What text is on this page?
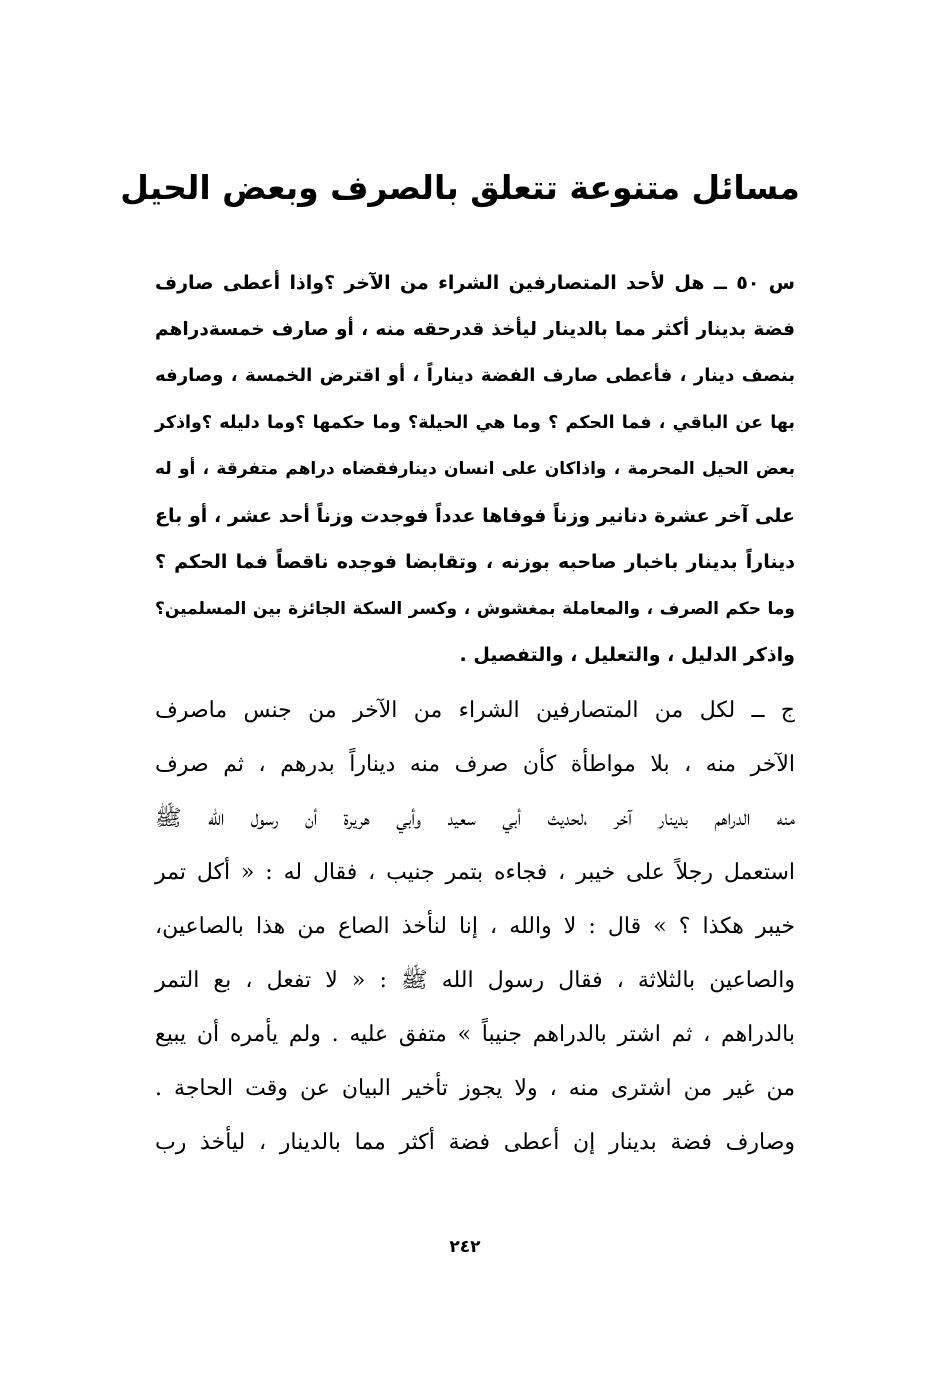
مسائل متنوعة تتعلق بالصرف وبعض الحيل
س ٥٠ ــ هل لأحد المتصارفين الشراء من الآخر ؟واذا أعطى صارف
فضة بدينار أكثر مما بالدينار ليأخذ قدرحقه منه ، أو صارف خمسةدراهم
بنصف دينار ، فأعطى صارف الفضة ديناراً ، أو اقترض الخمسة ، وصارفه
بها عن الباقي ، فما الحكم ؟ وما هي الحيلة؟ وما حكمها ؟وما دليله ؟واذكر
بعض الحيل المحرمة ، واذاكان على انسان دينارفقضاه دراهم متفرقة ، أو له
على آخر عشرة دنانير وزناً فوفاها عدداً فوجدت وزناً أحد عشر ، أو باع
ديناراً بدينار باخبار صاحبه بوزنه ، وتقابضا فوجده ناقصاً فما الحكم ؟
وما حكم الصرف ، والمعاملة بمغشوش ، وكسر السكة الجائزة بين المسلمين؟
واذكر الدليل ، والتعليل ، والتفصيل .
ج ــ لكل من المتصارفين الشراء من الآخر من جنس ماصرف
الآخر منه ، بلا مواطأة كأن صرف منه ديناراً بدرهم ، ثم صرف
منه الدراهم بدينار آخر ،لحديث أبي سعيد وأبي هريرة أن رسول الله ﷺ
استعمل رجلاً على خيبر ، فجاءه بتمر جنيب ، فقال له : « أكل تمر
خيبر هكذا ؟ » قال : لا والله ، إنا لنأخذ الصاع من هذا بالصاعين،
والصاعين بالثلاثة ، فقال رسول الله ﷺ : « لا تفعل ، بع التمر
بالدراهم ، ثم اشتر بالدراهم جنيباً » متفق عليه . ولم يأمره أن يبيع
من غير من اشترى منه ، ولا يجوز تأخير البيان عن وقت الحاجة .
وصارف فضة بدينار إن أعطى فضة أكثر مما بالدينار ، ليأخذ رب
٢٤٢
